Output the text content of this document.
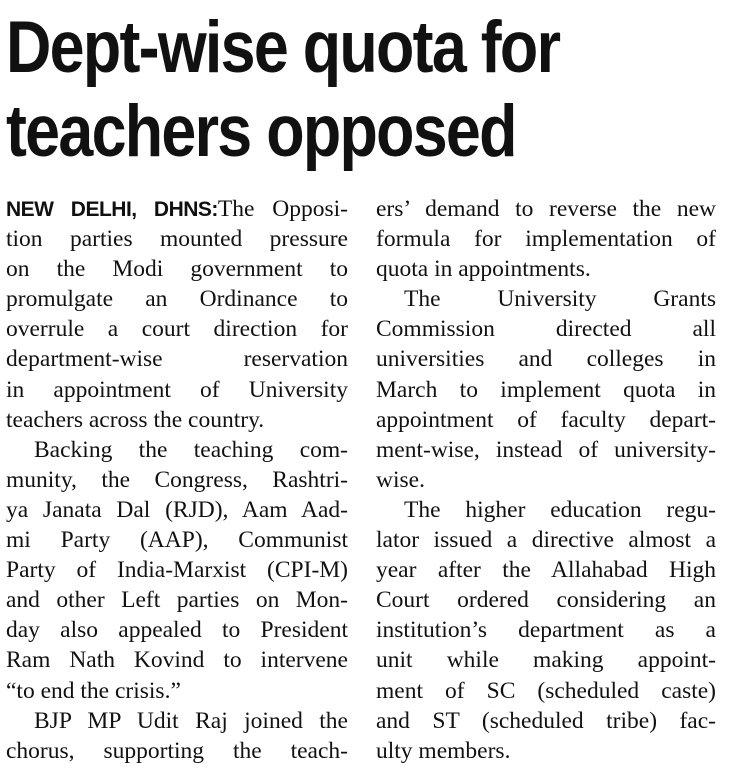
Dept-wise quota for
teachers opposed
NEW DELHI, DHNS:The Opposi-
tion parties mounted pressure
on the Modi government to
promulgate an Ordinance to
overrule a court direction for
department-wise reservation
in appointment of University
teachers across the country.
Backing the teaching com-
munity, the Congress, Rashtri-
ya Janata Dal (RJD), Aam Aad-
mi Party (AAP), Communist
Party of India-Marxist (CPI-M)
and other Left parties on Mon-
day also appealed to President
Ram Nath Kovind to intervene
“to end the crisis.”
BJP MP Udit Raj joined the
chorus, supporting the teach-
ers’ demand to reverse the new
formula for implementation of
quota in appointments.
The University Grants
Commission directed all
universities and colleges in
March to implement quota in
appointment of faculty depart-
ment-wise, instead of university-
wise.
The higher education regu-
lator issued a directive almost a
year after the Allahabad High
Court ordered considering an
institution’s department as a
unit while making appoint-
ment of SC (scheduled caste)
and ST (scheduled tribe) fac-
ulty members.
